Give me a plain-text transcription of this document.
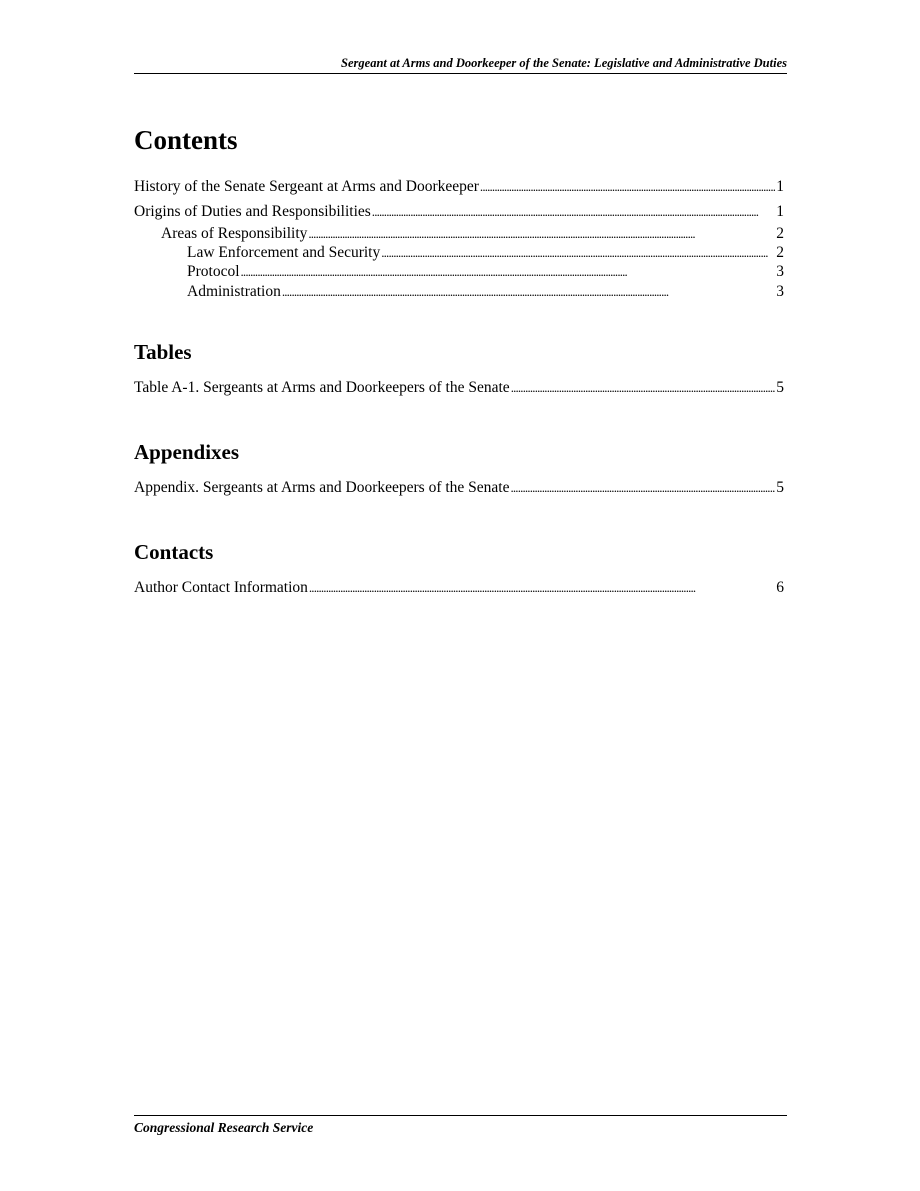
Sergeant at Arms and Doorkeeper of the Senate: Legislative and Administrative Duties
Contents
History of the Senate Sergeant at Arms and Doorkeeper . . .	1
Origins of Duties and Responsibilities . . .	1
Areas of Responsibility . . .	2
Law Enforcement and Security . . .	2
Protocol . . .	3
Administration . . .	3
Tables
Table A-1. Sergeants at Arms and Doorkeepers of the Senate . . .	5
Appendixes
Appendix. Sergeants at Arms and Doorkeepers of the Senate . . .	5
Contacts
Author Contact Information . . .	6
Congressional Research Service
